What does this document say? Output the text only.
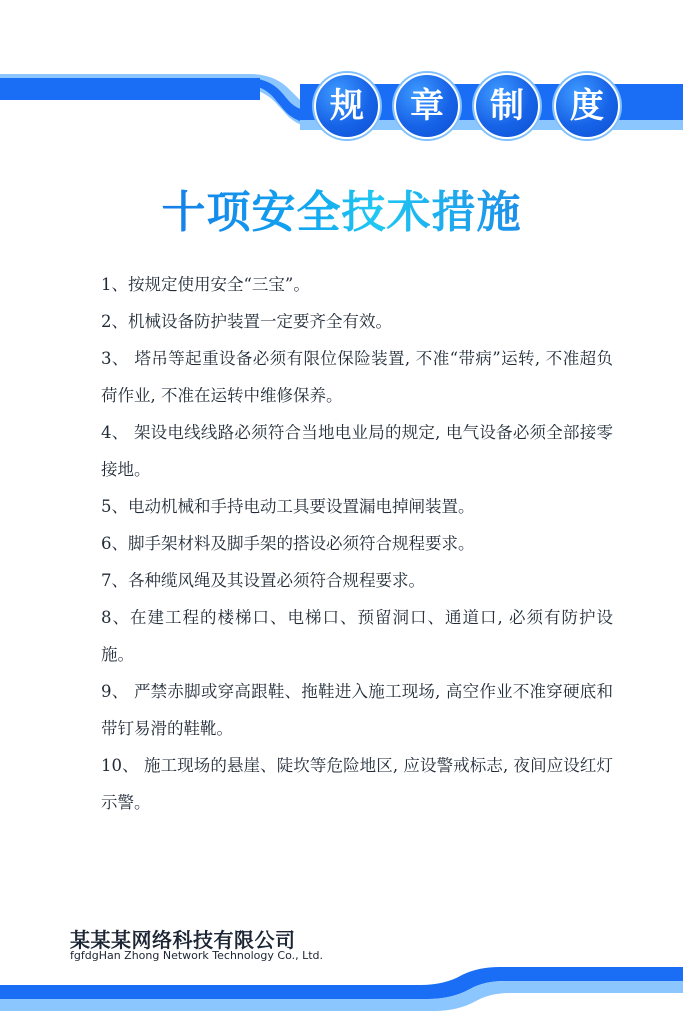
规	章	制	度
十项安全技术措施
1、按规定使用安全“三宝”。
2、机械设备防护装置一定要齐全有效。
3、 塔吊等起重设备必须有限位保险装置, 不准“带病”运转, 不准超负荷作业, 不准在运转中维修保养。
4、 架设电线线路必须符合当地电业局的规定, 电气设备必须全部接零接地。
5、电动机械和手持电动工具要设置漏电掉闸装置。
6、脚手架材料及脚手架的搭设必须符合规程要求。
7、各种缆风绳及其设置必须符合规程要求。
8、在建工程的楼梯口、电梯口、预留洞口、通道口, 必须有防护设施。
9、 严禁赤脚或穿高跟鞋、拖鞋进入施工现场, 高空作业不准穿硬底和带钉易滑的鞋靴。
10、 施工现场的悬崖、陡坎等危险地区, 应设警戒标志, 夜间应设红灯示警。
某某某网络科技有限公司
fgfdgHan Zhong Network Technology Co., Ltd.
